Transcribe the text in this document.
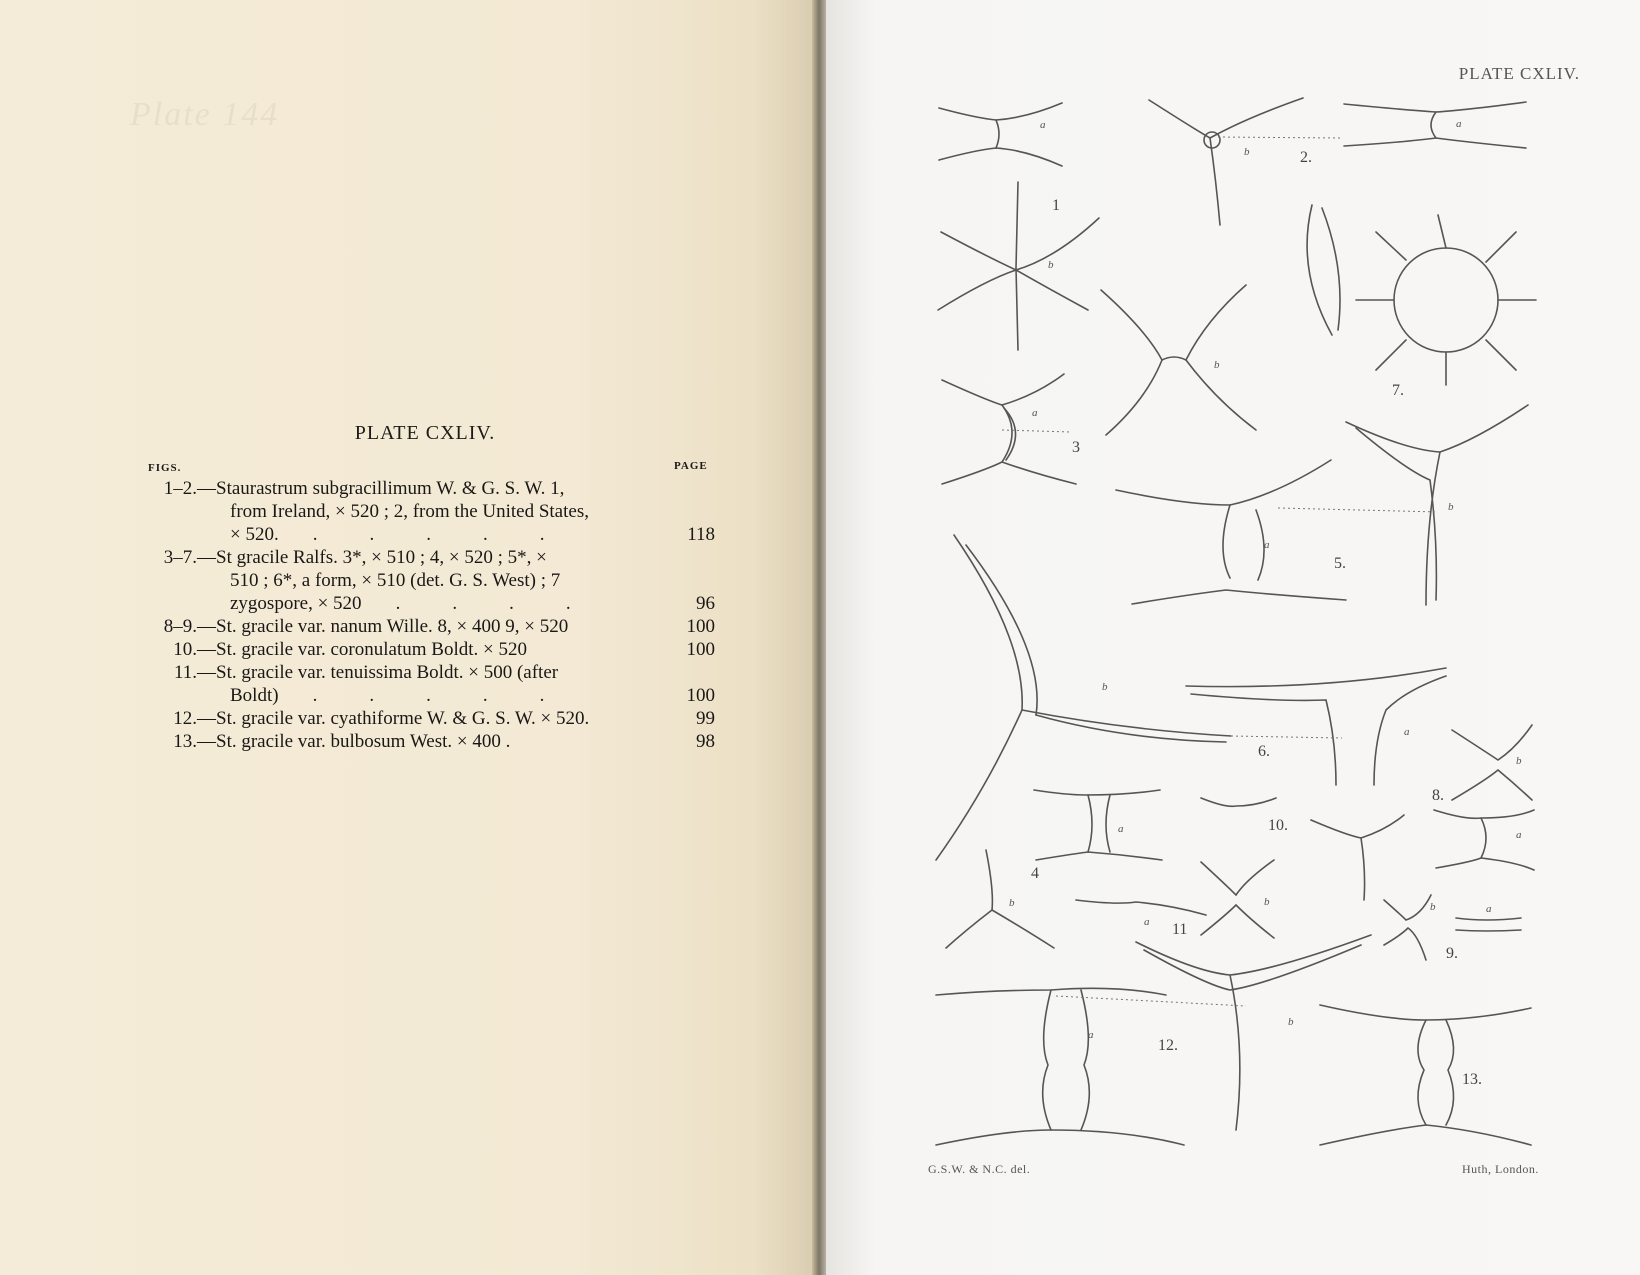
Plate 144
PLATE CXLIV.
FIGS.	PAGE
1–2.— Staurastrum subgracillimum W. & G. S. W. 1,
from Ireland, × 520 ; 2, from the United States,
× 520.	.....	118
3–7.— St gracile Ralfs. 3*, × 510 ; 4, × 520 ; 5*, ×
510 ; 6*, a form, × 510 (det. G. S. West) ; 7
zygospore, × 520	....	96
8–9.— St. gracile var. nanum Wille. 8, × 400 9, × 520	100
10.— St. gracile var. coronulatum Boldt. × 520	100
11.— St. gracile var. tenuissima Boldt. × 500 (after
Boldt)	.....	100
12.— St. gracile var. cyathiforme W. & G. S. W. × 520.	99
13.— St. gracile var. bulbosum West. × 400 .	98
1
2.
3
4
5.
6.
7.
8.
9.
10.
11
12.
13.
a
b
b
a
a
b
b
a
b
a
a
b
a
b
a
b
a
b
b	a
PLATE CXLIV.
G.S.W. & N.C. del.	Huth, London.
